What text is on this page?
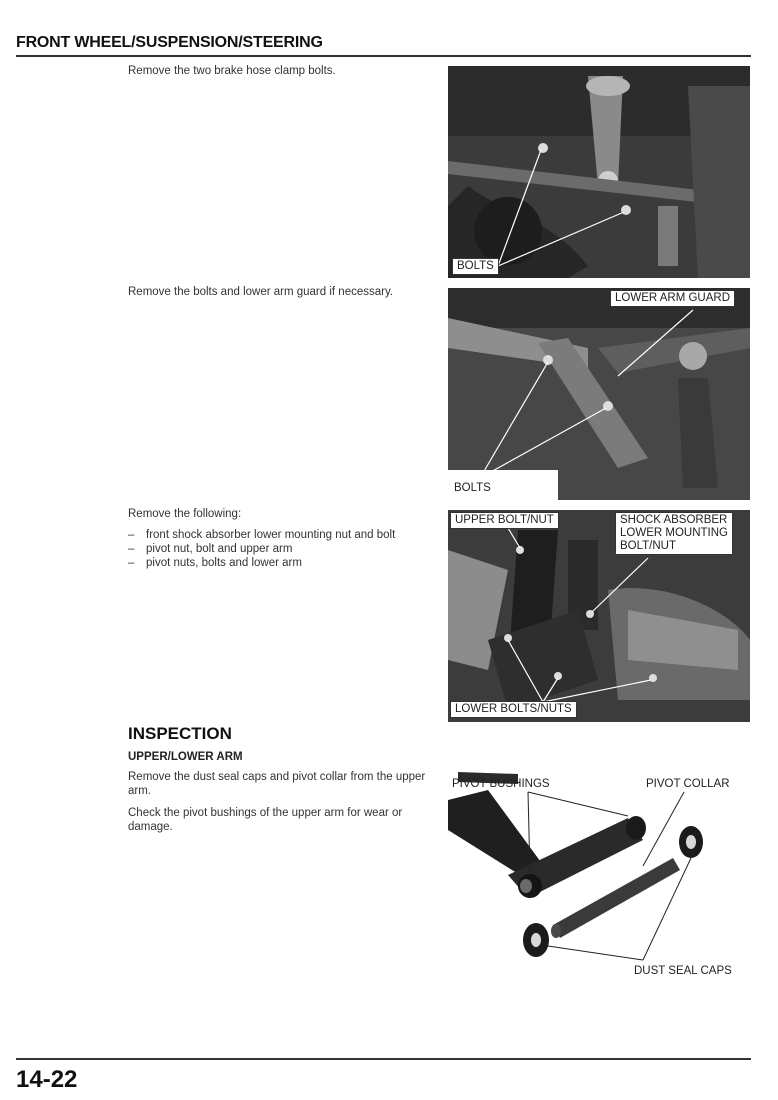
FRONT WHEEL/SUSPENSION/STEERING
Remove the two brake hose clamp bolts.
BOLTS
Remove the bolts and lower arm guard if necessary.	LOWER ARM GUARD
BOLTS
Remove the following:
– front shock absorber lower mounting nut and bolt
– pivot nut, bolt and upper arm
– pivot nuts, bolts and lower arm
UPPER BOLT/NUT	SHOCK ABSORBER
LOWER MOUNTING
BOLT/NUT
LOWER BOLTS/NUTS
INSPECTION
UPPER/LOWER ARM
Remove the dust seal caps and pivot collar from the upper arm.
Check the pivot bushings of the upper arm for wear or damage.
PIVOT BUSHINGS	PIVOT COLLAR
DUST SEAL CAPS
14-22
